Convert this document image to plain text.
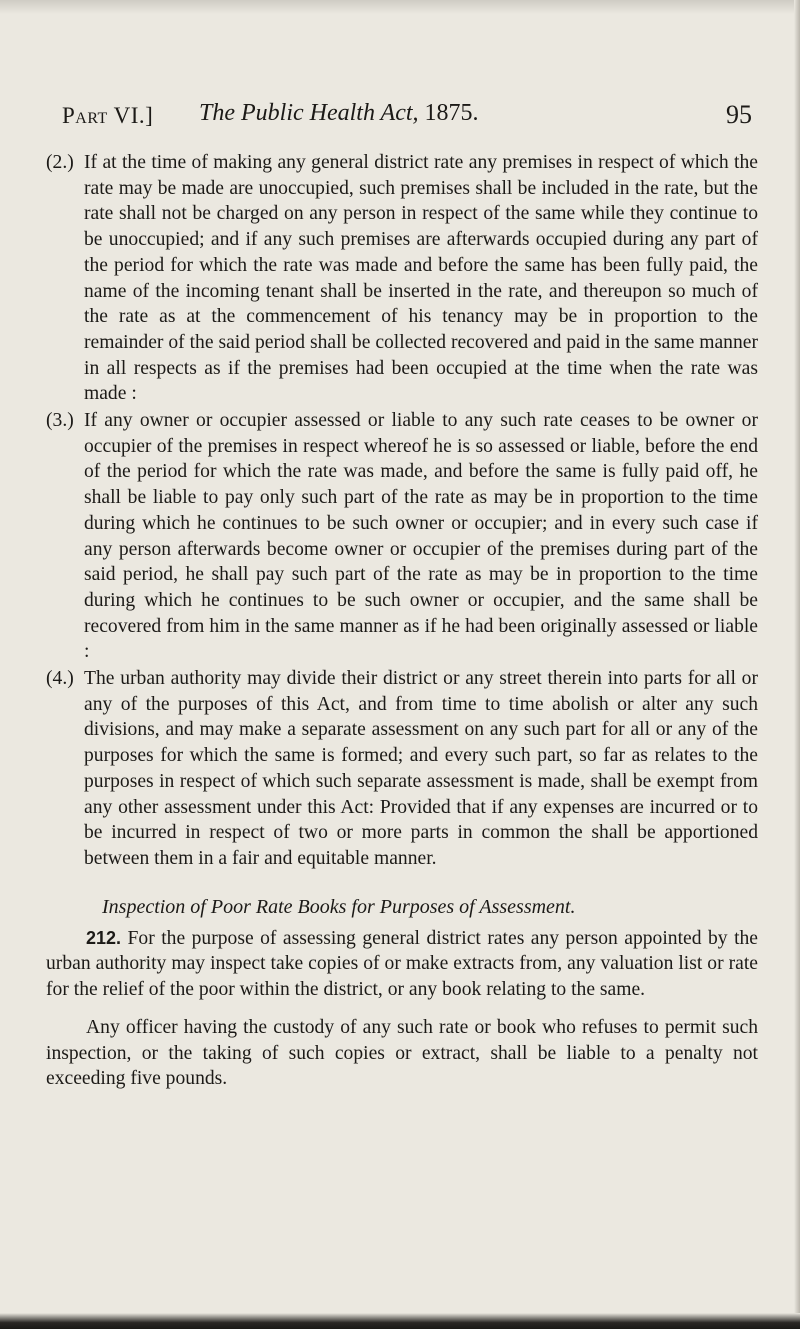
Part VI.] The Public Health Act, 1875.	95

(2.) If at the time of making any general district rate any premises in respect of which the rate may be made are unoccupied, such premises shall be included in the rate, but the rate shall not be charged on any person in respect of the same while they continue to be unoccupied; and if any such premises are afterwards occupied during any part of the period for which the rate was made and before the same has been fully paid, the name of the incoming tenant shall be inserted in the rate, and thereupon so much of the rate as at the commencement of his tenancy may be in proportion to the remainder of the said period shall be collected recovered and paid in the same manner in all respects as if the premises had been occupied at the time when the rate was made :

(3.) If any owner or occupier assessed or liable to any such rate ceases to be owner or occupier of the premises in respect whereof he is so assessed or liable, before the end of the period for which the rate was made, and before the same is fully paid off, he shall be liable to pay only such part of the rate as may be in proportion to the time during which he continues to be such owner or occupier; and in every such case if any person afterwards become owner or occupier of the premises during part of the said period, he shall pay such part of the rate as may be in proportion to the time during which he continues to be such owner or occupier, and the same shall be recovered from him in the same manner as if he had been originally assessed or liable :

(4.) The urban authority may divide their district or any street therein into parts for all or any of the purposes of this Act, and from time to time abolish or alter any such divisions, and may make a separate assessment on any such part for all or any of the purposes for which the same is formed; and every such part, so far as relates to the purposes in respect of which such separate assessment is made, shall be exempt from any other assessment under this Act: Provided that if any expenses are incurred or to be incurred in respect of two or more parts in common the shall be apportioned between them in a fair and equitable manner.

Inspection of Poor Rate Books for Purposes of Assessment.

212. For the purpose of assessing general district rates any person appointed by the urban authority may inspect take copies of or make extracts from, any valuation list or rate for the relief of the poor within the district, or any book relating to the same.

Any officer having the custody of any such rate or book who refuses to permit such inspection, or the taking of such copies or extract, shall be liable to a penalty not exceeding five pounds.
